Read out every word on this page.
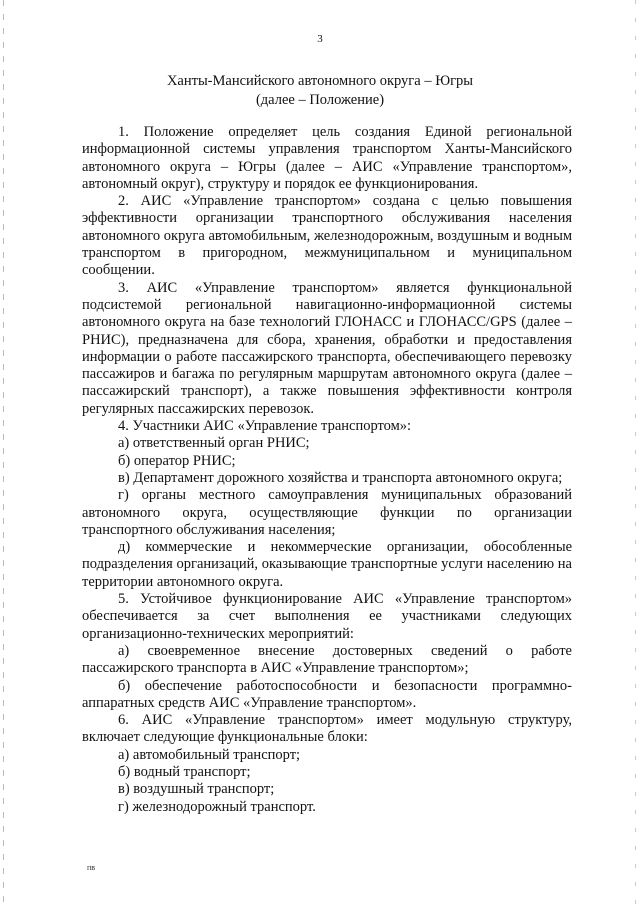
3
Ханты-Мансийского автономного округа – Югры
(далее – Положение)

1. Положение определяет цель создания Единой региональной информационной системы управления транспортом Ханты-Мансийского автономного округа – Югры (далее – АИС «Управление транспортом», автономный округ), структуру и порядок ее функционирования.

2. АИС «Управление транспортом» создана с целью повышения эффективности организации транспортного обслуживания населения автономного округа автомобильным, железнодорожным, воздушным и водным транспортом в пригородном, межмуниципальном и муниципальном сообщении.

3. АИС «Управление транспортом» является функциональной подсистемой региональной навигационно-информационной системы автономного округа на базе технологий ГЛОНАСС и ГЛОНАСС/GPS (далее – РНИС), предназначена для сбора, хранения, обработки и предоставления информации о работе пассажирского транспорта, обеспечивающего перевозку пассажиров и багажа по регулярным маршрутам автономного округа (далее – пассажирский транспорт), а также повышения эффективности контроля регулярных пассажирских перевозок.

4. Участники АИС «Управление транспортом»:

а) ответственный орган РНИС;

б) оператор РНИС;

в) Департамент дорожного хозяйства и транспорта автономного округа;

г) органы местного самоуправления муниципальных образований автономного округа, осуществляющие функции по организации транспортного обслуживания населения;

д) коммерческие и некоммерческие организации, обособленные подразделения организаций, оказывающие транспортные услуги населению на территории автономного округа.

5. Устойчивое функционирование АИС «Управление транспортом» обеспечивается за счет выполнения ее участниками следующих организационно-технических мероприятий:

а) своевременное внесение достоверных сведений о работе пассажирского транспорта в АИС «Управление транспортом»;

б) обеспечение работоспособности и безопасности программно-аппаратных средств АИС «Управление транспортом».

6. АИС «Управление транспортом» имеет модульную структуру, включает следующие функциональные блоки:

а) автомобильный транспорт;

б) водный транспорт;

в) воздушный транспорт;

г) железнодорожный транспорт.

пв
